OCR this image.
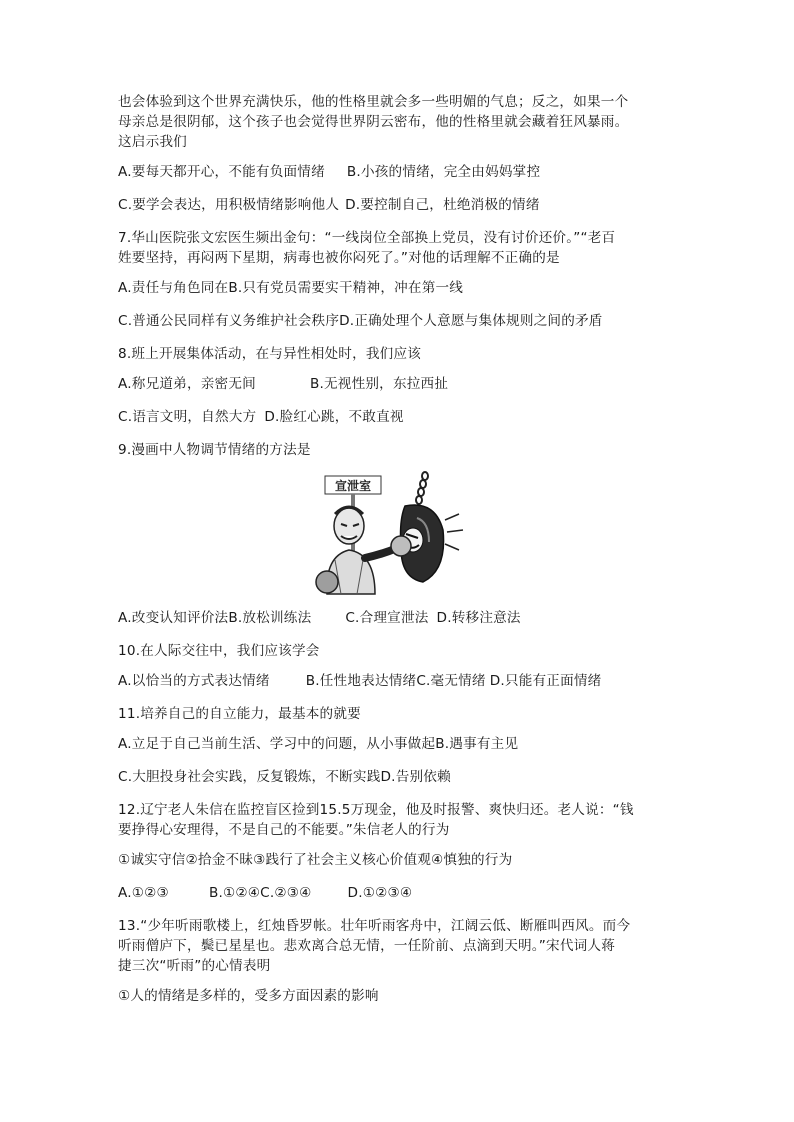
也会体验到这个世界充满快乐，他的性格里就会多一些明媚的气息；反之，如果一个

母亲总是很阴郁，这个孩子也会觉得世界阴云密布，他的性格里就会藏着狂风暴雨。

这启示我们

A.要每天都开心，不能有负面情绪 B.小孩的情绪，完全由妈妈掌控

C.要学会表达，用积极情绪影响他人 D.要控制自己，杜绝消极的情绪

7.华山医院张文宏医生频出金句：“一线岗位全部换上党员，没有讨价还价。”“老百

姓要坚持，再闷两下星期，病毒也被你闷死了。”对他的话理解不正确的是

A.责任与角色同在B.只有党员需要实干精神，冲在第一线

C.普通公民同样有义务维护社会秩序D.正确处理个人意愿与集体规则之间的矛盾

8.班上开展集体活动，在与异性相处时，我们应该

A.称兄道弟，亲密无间	B.无视性别，东拉西扯

C.语言文明，自然大方 D.脸红心跳，不敢直视

9.漫画中人物调节情绪的方法是

宣泄室

A.改变认知评价法B.放松训练法	C.合理宣泄法 D.转移注意法

10.在人际交往中，我们应该学会

A.以恰当的方式表达情绪	B.任性地表达情绪C.毫无情绪 D.只能有正面情绪

11.培养自己的自立能力，最基本的就要

A.立足于自己当前生活、学习中的问题，从小事做起B.遇事有主见

C.大胆投身社会实践，反复锻炼，不断实践D.告别依赖

12.辽宁老人朱信在监控盲区捡到15.5万现金，他及时报警、爽快归还。老人说：“钱

要挣得心安理得，不是自己的不能要。”朱信老人的行为

①诚实守信②拾金不昧③践行了社会主义核心价值观④慎独的行为

A.①②③	B.①②④C.②③④	D.①②③④

13.“少年听雨歌楼上，红烛昏罗帐。壮年听雨客舟中，江阔云低、断雁叫西风。而今

听雨僧庐下，鬓已星星也。悲欢离合总无情，一任阶前、点滴到天明。”宋代词人蒋

捷三次“听雨”的心情表明

①人的情绪是多样的，受多方面因素的影响
